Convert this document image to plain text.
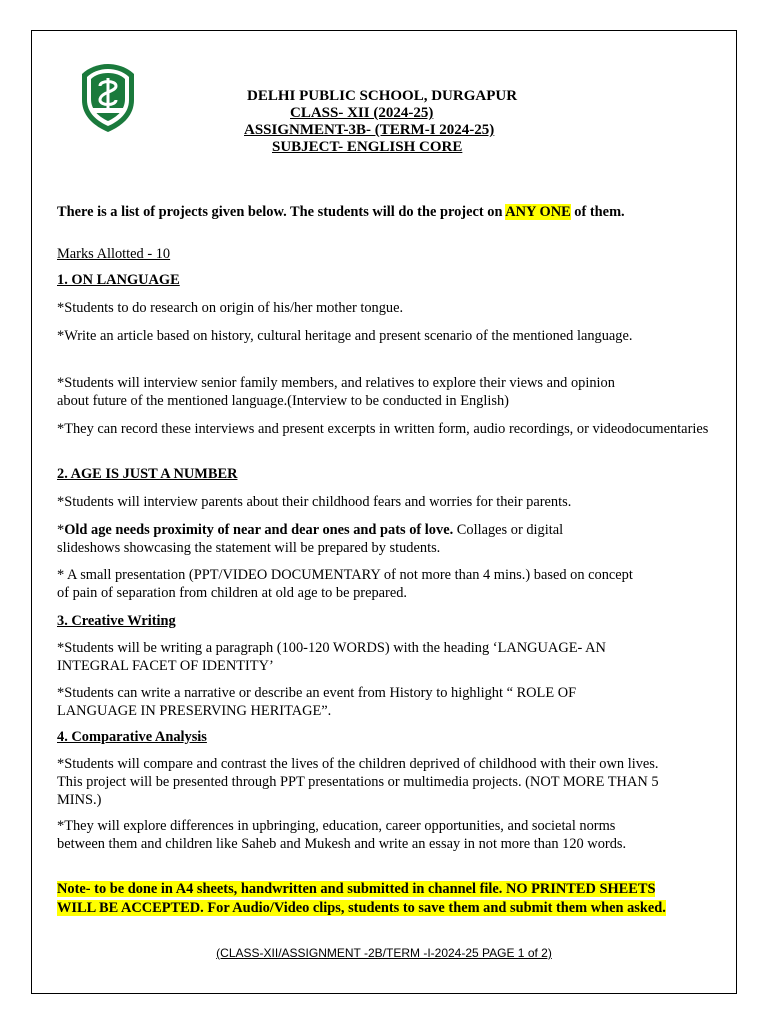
DELHI PUBLIC SCHOOL, DURGAPUR
CLASS- XII (2024-25)
ASSIGNMENT-3B- (TERM-I 2024-25)
SUBJECT- ENGLISH CORE
There is a list of projects given below. The students will do the project on ANY ONE of them.
Marks Allotted - 10
1. ON LANGUAGE
*Students to do research on origin of his/her mother tongue.
*Write an article based on history, cultural heritage and present scenario of the mentioned language.
*Students will interview senior family members, and relatives to explore their views and opinion about future of the mentioned language.(Interview to be conducted in English)
*They can record these interviews and present excerpts in written form, audio recordings, or videodocumentaries
2. AGE IS JUST A NUMBER
*Students will interview parents about their childhood fears and worries for their parents.
*Old age needs proximity of near and dear ones and pats of love. Collages or digital slideshows showcasing the statement will be prepared by students.
* A small presentation (PPT/VIDEO DOCUMENTARY of not more than 4 mins.) based on concept of pain of separation from children at old age to be prepared.
3. Creative Writing
*Students will be writing a paragraph (100-120 WORDS) with the heading ‘LANGUAGE- AN INTEGRAL FACET OF IDENTITY’
*Students can write a narrative or describe an event from History to highlight “ ROLE OF LANGUAGE IN PRESERVING HERITAGE”.
4. Comparative Analysis
*Students will compare and contrast the lives of the children deprived of childhood with their own lives. This project will be presented through PPT presentations or multimedia projects. (NOT MORE THAN 5 MINS.)
*They will explore differences in upbringing, education, career opportunities, and societal norms between them and children like Saheb and Mukesh and write an essay in not more than 120 words.
Note- to be done in A4 sheets, handwritten and submitted in channel file. NO PRINTED SHEETS WILL BE ACCEPTED. For Audio/Video clips, students to save them and submit them when asked.
(CLASS-XII/ASSIGNMENT -2B/TERM -I-2024-25 PAGE 1 of 2)
